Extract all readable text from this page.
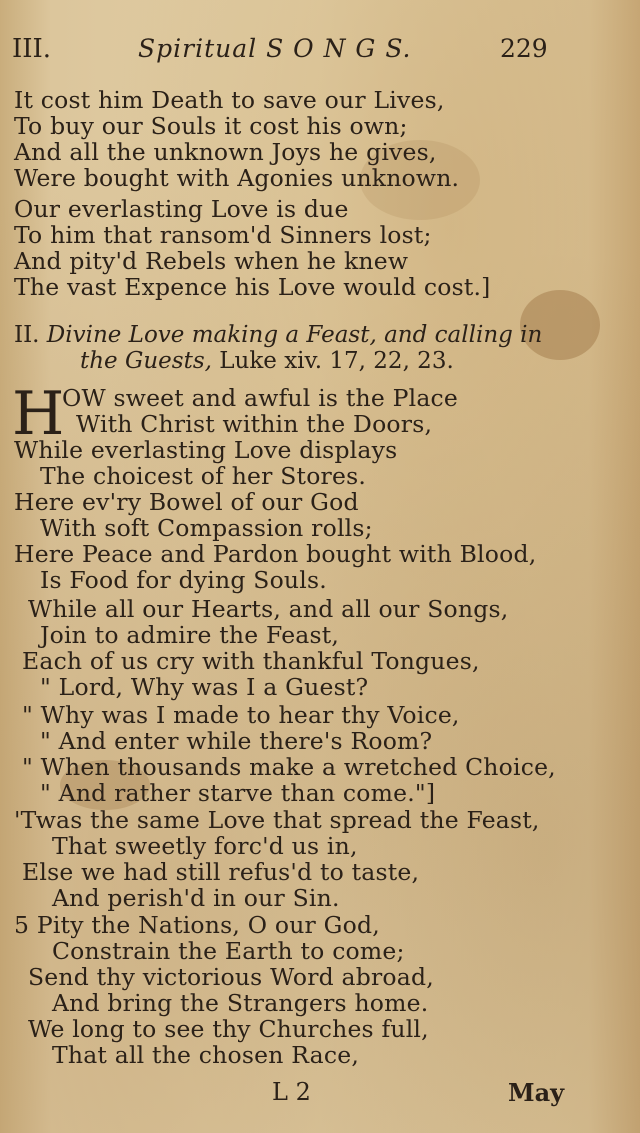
III.	Spiritual S O N G S.	229
It cost him Death to save our Lives,
To buy our Souls it cost his own;
And all the unknown Joys he gives,
Were bought with Agonies unknown.
Our everlasting Love is due
To him that ransom'd Sinners lost;
And pity'd Rebels when he knew
The vast Expence his Love would cost.]
II. Divine Love making a Feast, and calling in
the Guests, Luke xiv. 17, 22, 23.
H
OW sweet and awful is the Place
With Christ within the Doors,
While everlasting Love displays
The choicest of her Stores.
Here ev'ry Bowel of our God
With soft Compassion rolls;
Here Peace and Pardon bought with Blood,
Is Food for dying Souls.
While all our Hearts, and all our Songs,
Join to admire the Feast,
Each of us cry with thankful Tongues,
" Lord, Why was I a Guest?
" Why was I made to hear thy Voice,
" And enter while there's Room?
" When thousands make a wretched Choice,
" And rather starve than come."]
'Twas the same Love that spread the Feast,
That sweetly forc'd us in,
Else we had still refus'd to taste,
And perish'd in our Sin.
5 Pity the Nations, O our God,
Constrain the Earth to come;
Send thy victorious Word abroad,
And bring the Strangers home.
We long to see thy Churches full,
That all the chosen Race,
L 2	May
